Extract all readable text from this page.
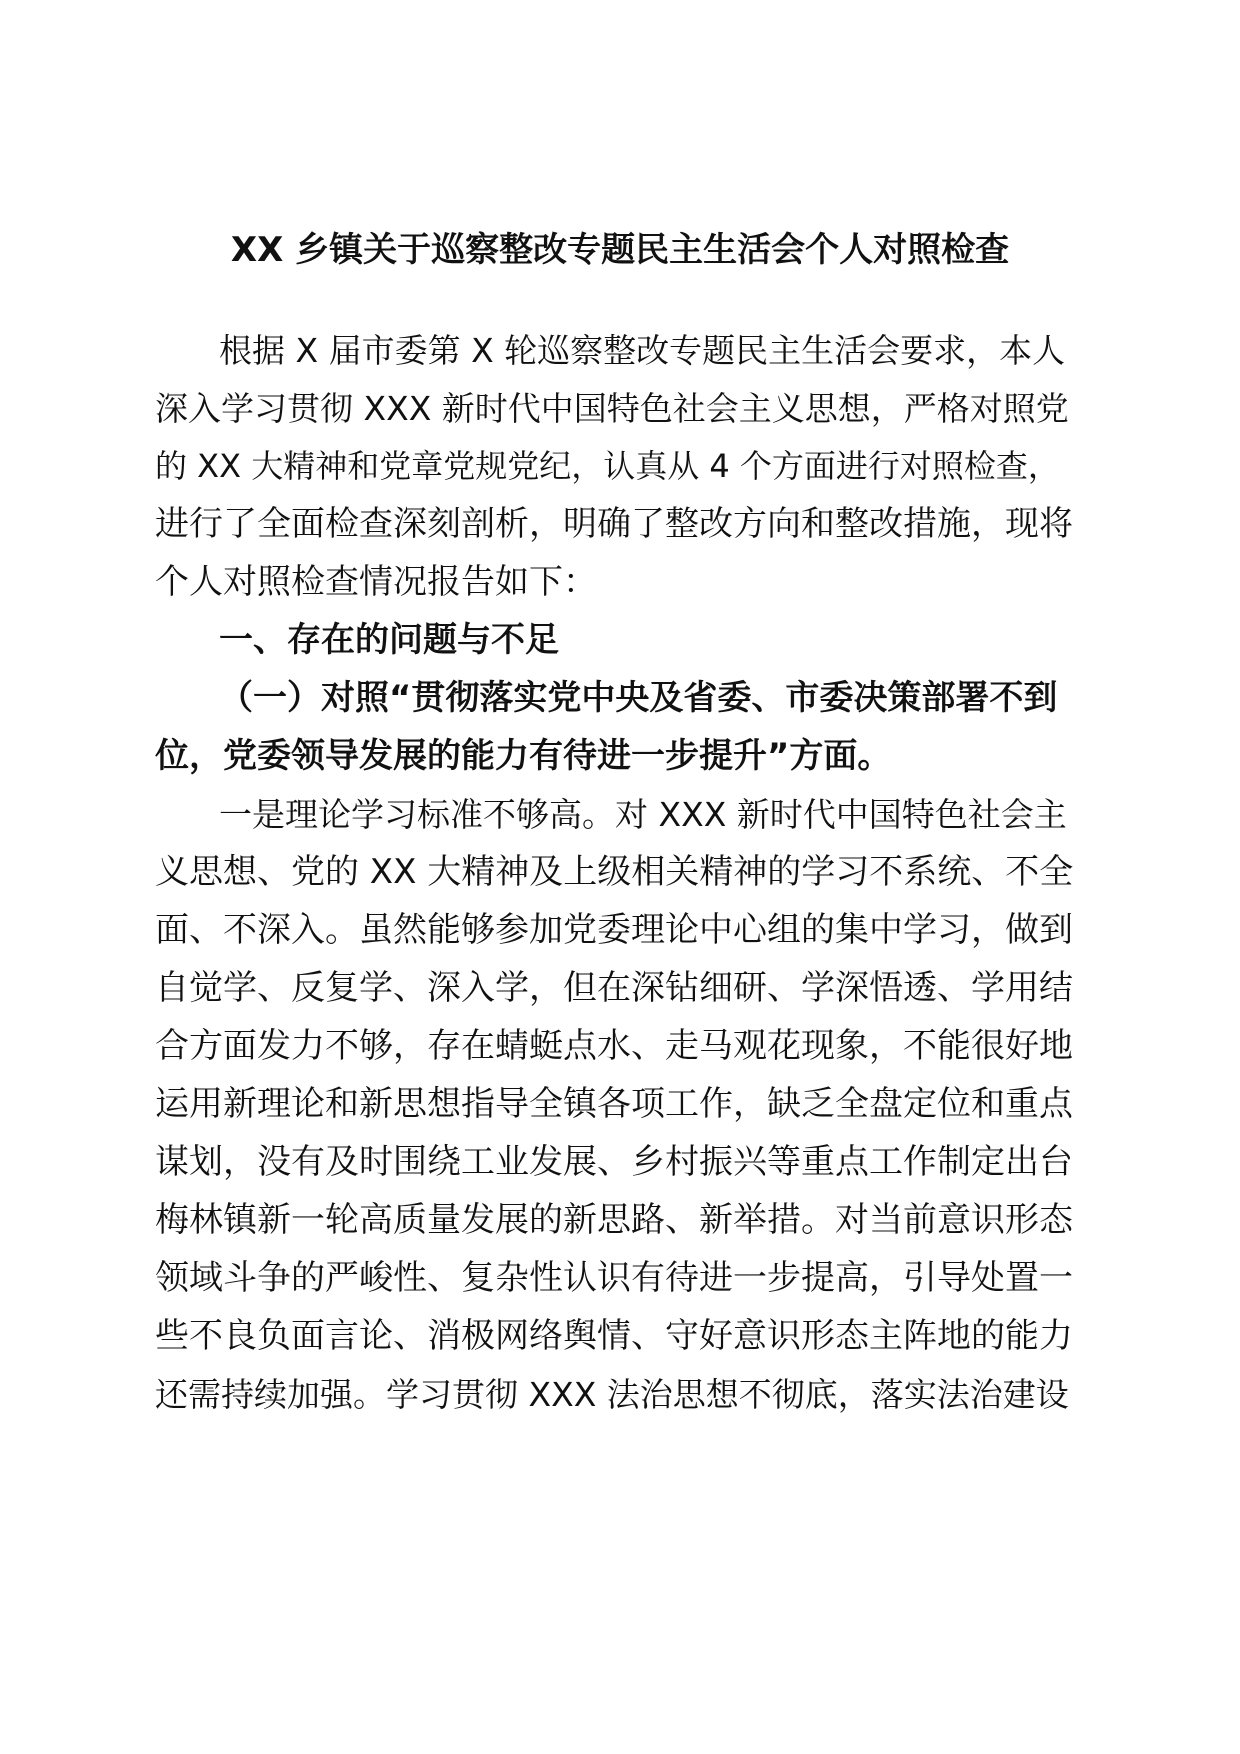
XX 乡镇关于巡察整改专题民主生活会个人对照检查
根据 X 届市委第 X 轮巡察整改专题民主生活会要求，本人
深入学习贯彻 XXX 新时代中国特色社会主义思想，严格对照党
的 XX 大精神和党章党规党纪，认真从 4 个方面进行对照检查，
进行了全面检查深刻剖析，明确了整改方向和整改措施，现将
个人对照检查情况报告如下：
一、存在的问题与不足
（一）对照“贯彻落实党中央及省委、市委决策部署不到
位，党委领导发展的能力有待进一步提升”方面。
一是理论学习标准不够高。对 XXX 新时代中国特色社会主
义思想、党的 XX 大精神及上级相关精神的学习不系统、不全
面、不深入。虽然能够参加党委理论中心组的集中学习，做到
自觉学、反复学、深入学，但在深钻细研、学深悟透、学用结
合方面发力不够，存在蜻蜓点水、走马观花现象，不能很好地
运用新理论和新思想指导全镇各项工作，缺乏全盘定位和重点
谋划，没有及时围绕工业发展、乡村振兴等重点工作制定出台
梅林镇新一轮高质量发展的新思路、新举措。对当前意识形态
领域斗争的严峻性、复杂性认识有待进一步提高，引导处置一
些不良负面言论、消极网络舆情、守好意识形态主阵地的能力
还需持续加强。学习贯彻 XXX 法治思想不彻底，落实法治建设
